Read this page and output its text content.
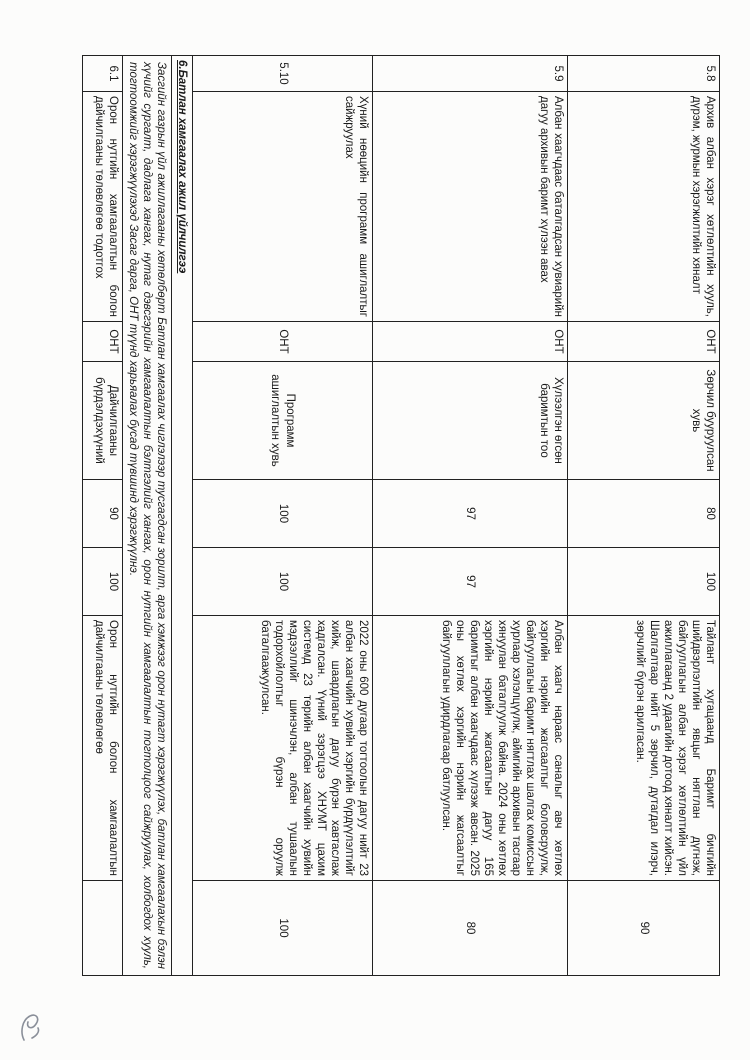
5.8	Архив албан хэрэг хөтлөлтийн хууль, дүрэм, журмын хэрэгжилтийн хяналт	ОНТ	Зөрчил бууруулсан хувь	80	100	Тайлант хугацаанд Баримт бичгийн шийдвэрлэлтийн явцыг нягтлан дүгнэж, байгууллагын албан хэрэг хөтлөлтийн үйл ажиллагаанд 2 удаагийн дотоод хяналт хийсэн. Шалгалтаар нийт 5 зөрчил, дутагдал илэрч, зөрчлийг бүрэн арилгасан.	90
5.9	Албан хаагчдаас баталгадсан хувиарийн дагуу архивын баримт хүлээн авах	ОНТ	Хүлээлгэн өгсөн баримтын тоо	97	97	Албан хаагч нараас саналыг авч хөтлөх хэргийн нэрийн жагсаалтыг боловсруулж, байгууллагын баримт нягтлах шалгах комиссын хурлаар хэлэлцүүлж, аймгийн архивын тасгаар хянуулан баталгуулж байна. 2024 оны хөтлөх хэргийн нэрийн жагсаалтын дагуу 165 баримтыг албан хаагчдаас хүлээж авсан. 2025 оны хөтлөх хэргийн нэрийн жагсаалтыг байгууллагын удирдлагаар батлуулсан.	80
5.10	Хүний нөөцийн программ ашиглалтыг сайжруулах	ОНТ	Программ ашиглалтын хувь	100	100	2022 оны 600 дугаар тогтоолын дагуу нийт 23 албан хаагчийн хувийн хэргийн бүрдүүлэлтийг хийж, шаардлагын дагуу бүрэн хавтаслаж хадгалсан. Үүний зэрэгцээ ХНУМТ цахим системд 23 төрийн албан хаагчийн хувийн мэдээллийг шинэчлэн, албан тушаалын тодорхойлолтыг бүрэн оруулж баталгаажуулсан.	100
6.Батлан хамгаалах ажил үйлчилгээ							
Засгийн газрын үйл ажиллагааны хөтөлбөрт Батлан хамгаалах чиглэлээр тусгагдсан зорилт, арга хэмжээг орон нутагт хэрэгжүүлэх, батлан хамгаалахын бэлэн хүчийг сургалт, дадлага хангах, нутаг дэвсгэрийн хамгаалалтын бэлтгэлийг хангах, орон нутгийн хамгаалалтын тогтолцоог сайжруулах, холбогдох хууль, тогтоомжийг хэрэгжүүлэхэд Засаг дарга, ОНТ түүнд харьяалах бусад түвшинд хэрэгжүүлнэ.							
6.1	Орон нутгийн хамгаалалтын болон дайчилгааны төлөвлөгөө тодотгох	ОНТ	Дайчилгааны бүрдэлдэхүүний	90	100	Орон нутгийн болон хамгаалалтын дайчилгааны төлөвлөгөө	
